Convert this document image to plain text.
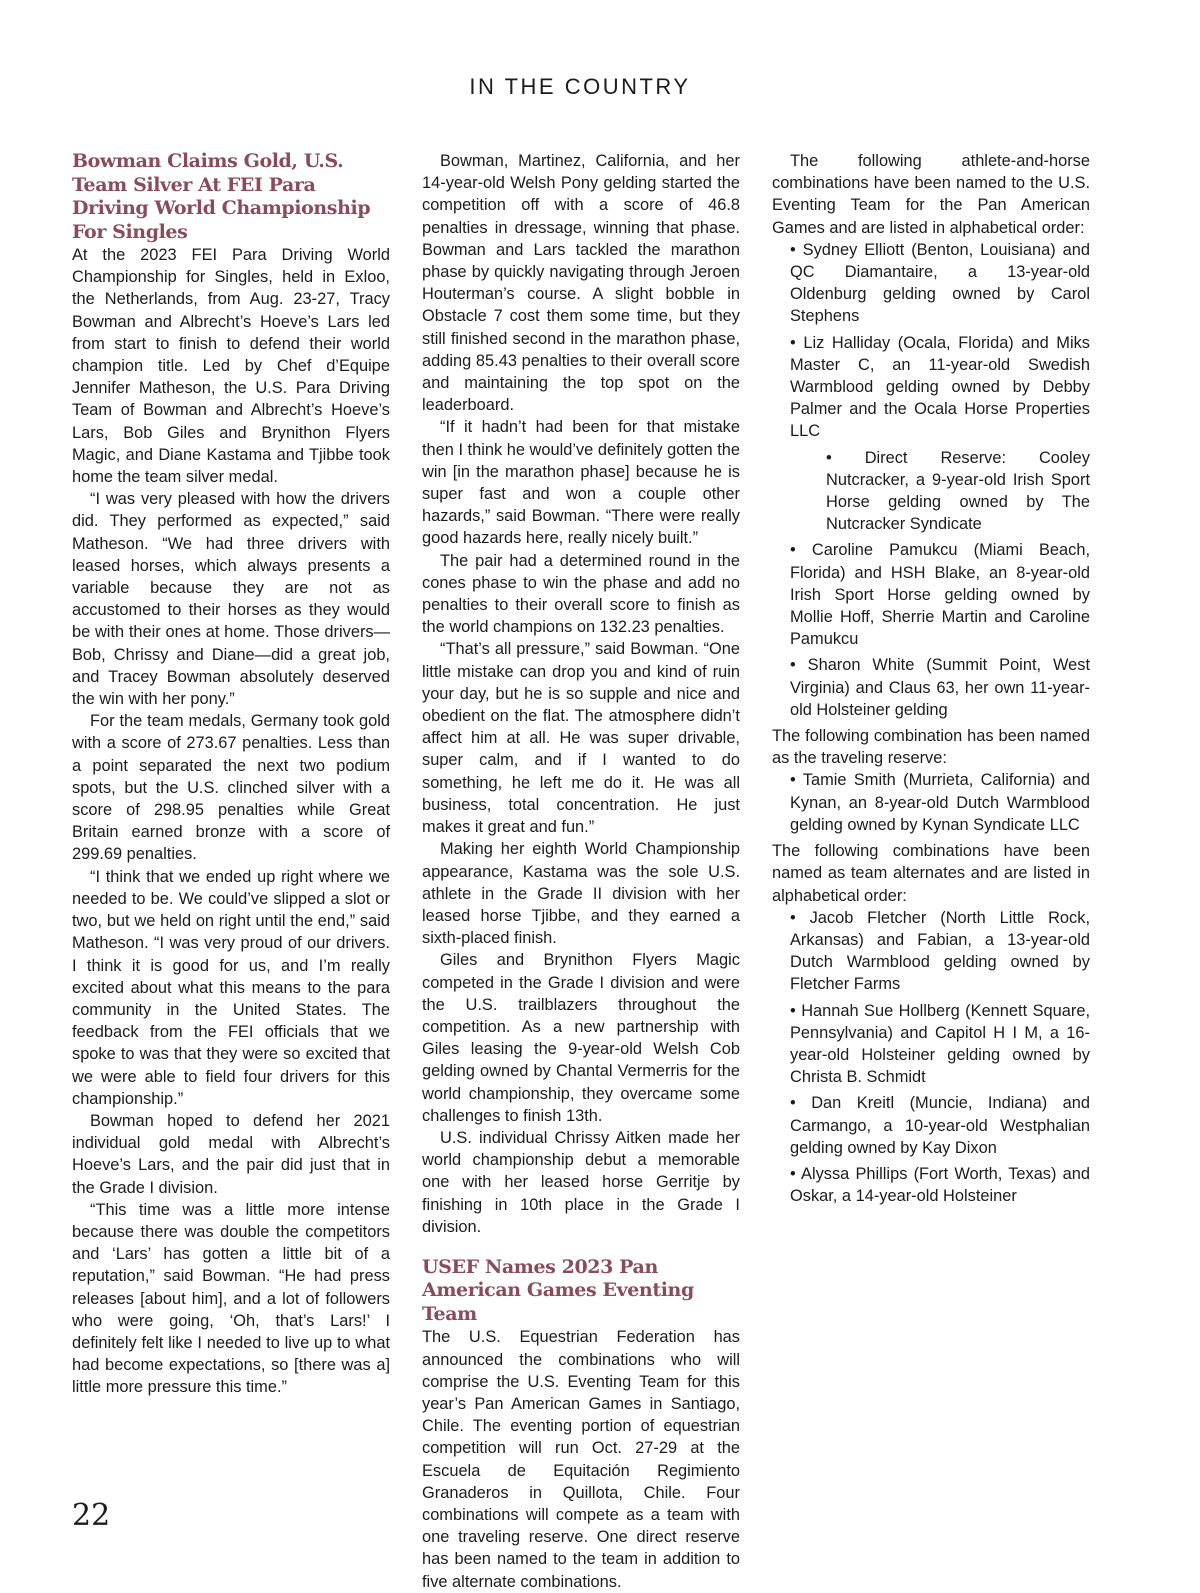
IN THE COUNTRY
Bowman Claims Gold, U.S. Team Silver At FEI Para Driving World Championship For Singles

At the 2023 FEI Para Driving World Championship for Singles, held in Exloo, the Netherlands, from Aug. 23-27, Tracy Bowman and Albrecht’s Hoeve’s Lars led from start to finish to defend their world champion title. Led by Chef d’Equipe Jennifer Matheson, the U.S. Para Driving Team of Bowman and Albrecht’s Hoeve’s Lars, Bob Giles and Brynithon Flyers Magic, and Diane Kastama and Tjibbe took home the team silver medal.

“I was very pleased with how the drivers did. They performed as expected,” said Matheson. “We had three drivers with leased horses, which always presents a variable because they are not as accustomed to their horses as they would be with their ones at home. Those drivers—Bob, Chrissy and Diane—did a great job, and Tracey Bowman absolutely deserved the win with her pony.”

For the team medals, Germany took gold with a score of 273.67 penalties. Less than a point separated the next two podium spots, but the U.S. clinched silver with a score of 298.95 penalties while Great Britain earned bronze with a score of 299.69 penalties.

“I think that we ended up right where we needed to be. We could’ve slipped a slot or two, but we held on right until the end,” said Matheson. “I was very proud of our drivers. I think it is good for us, and I’m really excited about what this means to the para community in the United States. The feedback from the FEI officials that we spoke to was that they were so excited that we were able to field four drivers for this championship.”

Bowman hoped to defend her 2021 individual gold medal with Albrecht’s Hoeve’s Lars, and the pair did just that in the Grade I division.

“This time was a little more intense because there was double the competitors and ‘Lars’ has gotten a little bit of a reputation,” said Bowman. “He had press releases [about him], and a lot of followers who were going, ‘Oh, that’s Lars!’ I definitely felt like I needed to live up to what had become expectations, so [there was a] little more pressure this time.”

Bowman, Martinez, California, and her 14-year-old Welsh Pony gelding started the competition off with a score of 46.8 penalties in dressage, winning that phase. Bowman and Lars tackled the marathon phase by quickly navigating through Jeroen Houterman’s course. A slight bobble in Obstacle 7 cost them some time, but they still finished second in the marathon phase, adding 85.43 penalties to their overall score and maintaining the top spot on the leaderboard.

“If it hadn’t had been for that mistake then I think he would’ve definitely gotten the win [in the marathon phase] because he is super fast and won a couple other hazards,” said Bowman. “There were really good hazards here, really nicely built.”

The pair had a determined round in the cones phase to win the phase and add no penalties to their overall score to finish as the world champions on 132.23 penalties.

“That’s all pressure,” said Bowman. “One little mistake can drop you and kind of ruin your day, but he is so supple and nice and obedient on the flat. The atmosphere didn’t affect him at all. He was super drivable, super calm, and if I wanted to do something, he left me do it. He was all business, total concentration. He just makes it great and fun.”

Making her eighth World Championship appearance, Kastama was the sole U.S. athlete in the Grade II division with her leased horse Tjibbe, and they earned a sixth-placed finish.

Giles and Brynithon Flyers Magic competed in the Grade I division and were the U.S. trailblazers throughout the competition. As a new partnership with Giles leasing the 9-year-old Welsh Cob gelding owned by Chantal Vermerris for the world championship, they overcame some challenges to finish 13th.

U.S. individual Chrissy Aitken made her world championship debut a memorable one with her leased horse Gerritje by finishing in 10th place in the Grade I division.

USEF Names 2023 Pan American Games Eventing Team

The U.S. Equestrian Federation has announced the combinations who will comprise the U.S. Eventing Team for this year’s Pan American Games in Santiago, Chile. The eventing portion of equestrian competition will run Oct. 27-29 at the Escuela de Equitación Regimiento Granaderos in Quillota, Chile. Four combinations will compete as a team with one traveling reserve. One direct reserve has been named to the team in addition to five alternate combinations.

The following athlete-and-horse combinations have been named to the U.S. Eventing Team for the Pan American Games and are listed in alphabetical order:

• Sydney Elliott (Benton, Louisiana) and QC Diamantaire, a 13-year-old Oldenburg gelding owned by Carol Stephens
• Liz Halliday (Ocala, Florida) and Miks Master C, an 11-year-old Swedish Warmblood gelding owned by Debby Palmer and the Ocala Horse Properties LLC
• Direct Reserve: Cooley Nutcracker, a 9-year-old Irish Sport Horse gelding owned by The Nutcracker Syndicate
• Caroline Pamukcu (Miami Beach, Florida) and HSH Blake, an 8-year-old Irish Sport Horse gelding owned by Mollie Hoff, Sherrie Martin and Caroline Pamukcu
• Sharon White (Summit Point, West Virginia) and Claus 63, her own 11-year-old Holsteiner gelding

The following combination has been named as the traveling reserve:

• Tamie Smith (Murrieta, California) and Kynan, an 8-year-old Dutch Warmblood gelding owned by Kynan Syndicate LLC

The following combinations have been named as team alternates and are listed in alphabetical order:

• Jacob Fletcher (North Little Rock, Arkansas) and Fabian, a 13-year-old Dutch Warmblood gelding owned by Fletcher Farms
• Hannah Sue Hollberg (Kennett Square, Pennsylvania) and Capitol H I M, a 16-year-old Holsteiner gelding owned by Christa B. Schmidt
• Dan Kreitl (Muncie, Indiana) and Carmango, a 10-year-old Westphalian gelding owned by Kay Dixon
• Alyssa Phillips (Fort Worth, Texas) and Oskar, a 14-year-old Holsteiner
22
